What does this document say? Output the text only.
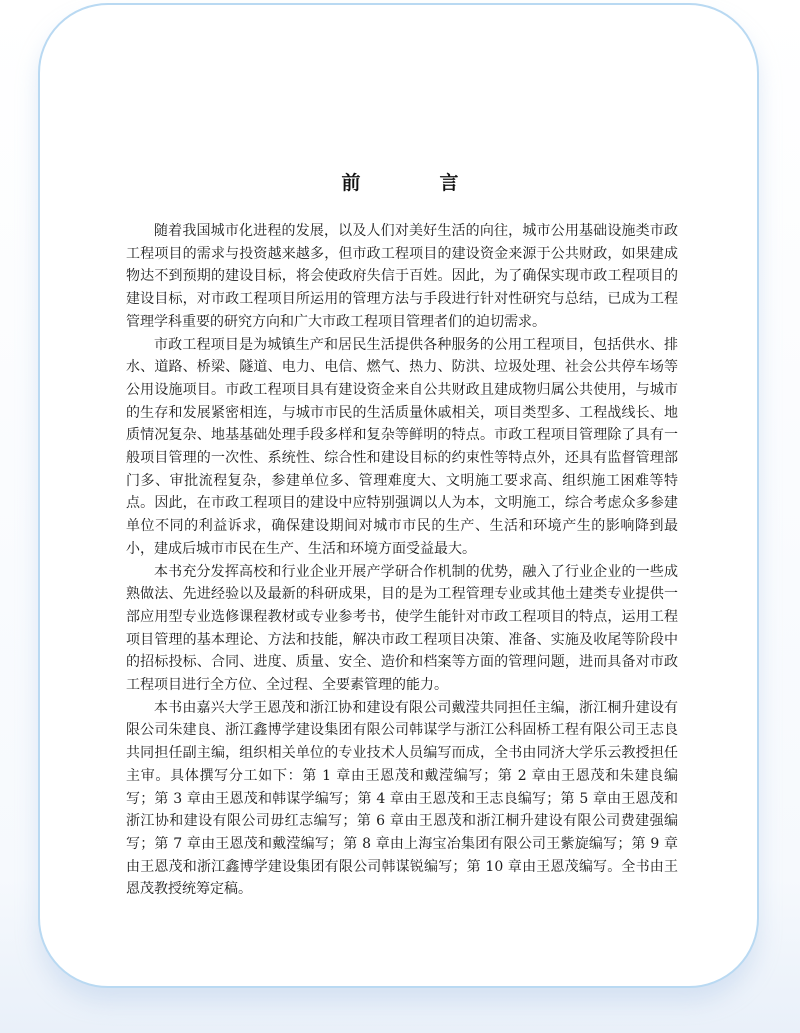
前　言

随着我国城市化进程的发展，以及人们对美好生活的向往，城市公用基础设施类市政工程项目的需求与投资越来越多，但市政工程项目的建设资金来源于公共财政，如果建成物达不到预期的建设目标，将会使政府失信于百姓。因此，为了确保实现市政工程项目的建设目标，对市政工程项目所运用的管理方法与手段进行针对性研究与总结，已成为工程管理学科重要的研究方向和广大市政工程项目管理者们的迫切需求。

市政工程项目是为城镇生产和居民生活提供各种服务的公用工程项目，包括供水、排水、道路、桥梁、隧道、电力、电信、燃气、热力、防洪、垃圾处理、社会公共停车场等公用设施项目。市政工程项目具有建设资金来自公共财政且建成物归属公共使用，与城市的生存和发展紧密相连，与城市市民的生活质量休戚相关，项目类型多、工程战线长、地质情况复杂、地基基础处理手段多样和复杂等鲜明的特点。市政工程项目管理除了具有一般项目管理的一次性、系统性、综合性和建设目标的约束性等特点外，还具有监督管理部门多、审批流程复杂，参建单位多、管理难度大、文明施工要求高、组织施工困难等特点。因此，在市政工程项目的建设中应特别强调以人为本，文明施工，综合考虑众多参建单位不同的利益诉求，确保建设期间对城市市民的生产、生活和环境产生的影响降到最小，建成后城市市民在生产、生活和环境方面受益最大。

本书充分发挥高校和行业企业开展产学研合作机制的优势，融入了行业企业的一些成熟做法、先进经验以及最新的科研成果，目的是为工程管理专业或其他土建类专业提供一部应用型专业选修课程教材或专业参考书，使学生能针对市政工程项目的特点，运用工程项目管理的基本理论、方法和技能，解决市政工程项目决策、准备、实施及收尾等阶段中的招标投标、合同、进度、质量、安全、造价和档案等方面的管理问题，进而具备对市政工程项目进行全方位、全过程、全要素管理的能力。

本书由嘉兴大学王恩茂和浙江协和建设有限公司戴滢共同担任主编，浙江桐升建设有限公司朱建良、浙江鑫博学建设集团有限公司韩谋学与浙江公科固桥工程有限公司王志良共同担任副主编，组织相关单位的专业技术人员编写而成，全书由同济大学乐云教授担任主审。具体撰写分工如下：第 1 章由王恩茂和戴滢编写；第 2 章由王恩茂和朱建良编写；第 3 章由王恩茂和韩谋学编写；第 4 章由王恩茂和王志良编写；第 5 章由王恩茂和浙江协和建设有限公司毋红志编写；第 6 章由王恩茂和浙江桐升建设有限公司费建强编写；第 7 章由王恩茂和戴滢编写；第 8 章由上海宝冶集团有限公司王紫旋编写；第 9 章由王恩茂和浙江鑫博学建设集团有限公司韩谋锐编写；第 10 章由王恩茂编写。全书由王恩茂教授统筹定稿。
